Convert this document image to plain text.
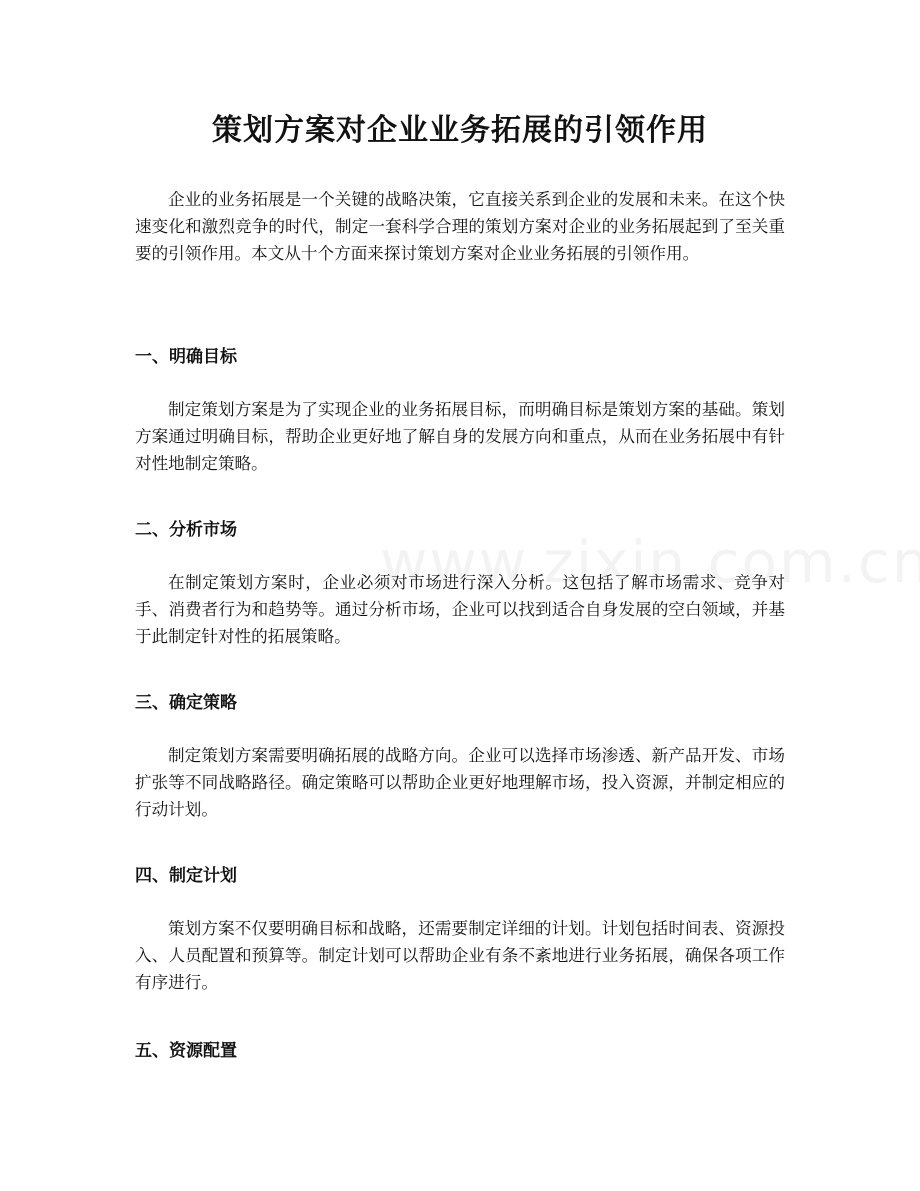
策划方案对企业业务拓展的引领作用

企业的业务拓展是一个关键的战略决策，它直接关系到企业的发展和未来。在这个快速变化和激烈竞争的时代，制定一套科学合理的策划方案对企业的业务拓展起到了至关重要的引领作用。本文从十个方面来探讨策划方案对企业业务拓展的引领作用。

一、明确目标

制定策划方案是为了实现企业的业务拓展目标，而明确目标是策划方案的基础。策划方案通过明确目标，帮助企业更好地了解自身的发展方向和重点，从而在业务拓展中有针对性地制定策略。

二、分析市场

在制定策划方案时，企业必须对市场进行深入分析。这包括了解市场需求、竞争对手、消费者行为和趋势等。通过分析市场，企业可以找到适合自身发展的空白领域，并基于此制定针对性的拓展策略。

三、确定策略

制定策划方案需要明确拓展的战略方向。企业可以选择市场渗透、新产品开发、市场扩张等不同战略路径。确定策略可以帮助企业更好地理解市场，投入资源，并制定相应的行动计划。

四、制定计划

策划方案不仅要明确目标和战略，还需要制定详细的计划。计划包括时间表、资源投入、人员配置和预算等。制定计划可以帮助企业有条不紊地进行业务拓展，确保各项工作有序进行。

五、资源配置
